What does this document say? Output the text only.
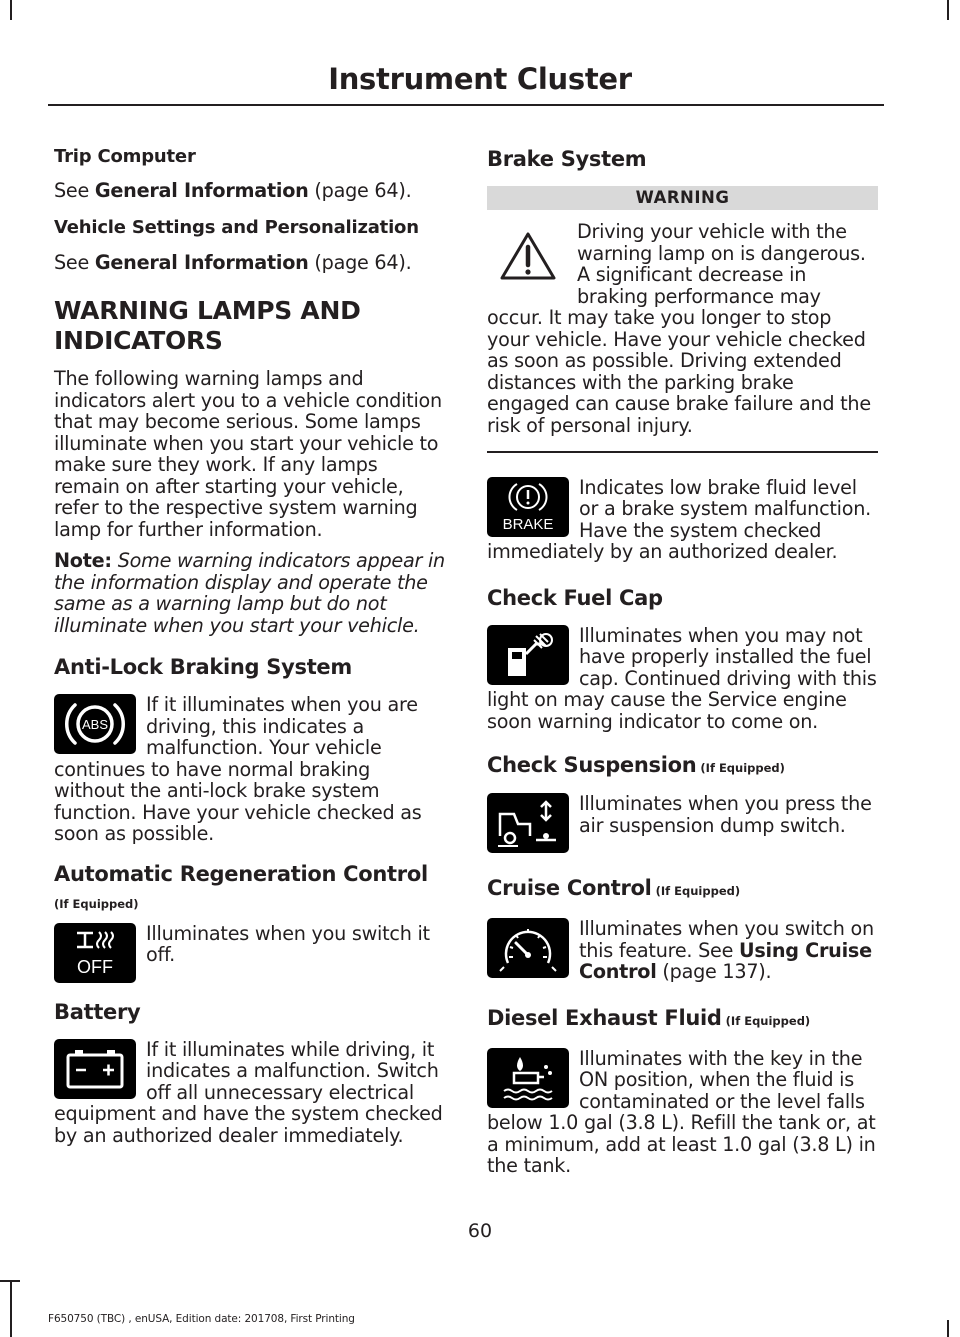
Instrument Cluster

Trip Computer

See General Information (page 64).

Vehicle Settings and Personalization

See General Information (page 64).

WARNING LAMPS AND
INDICATORS

The following warning lamps and indicators alert you to a vehicle condition that may become serious. Some lamps illuminate when you start your vehicle to make sure they work. If any lamps remain on after starting your vehicle, refer to the respective system warning lamp for further information.

Note: Some warning indicators appear in the information display and operate the same as a warning lamp but do not illuminate when you start your vehicle.

Anti-Lock Braking System

ABS

If it illuminates when you are driving, this indicates a malfunction. Your vehicle continues to have normal braking without the anti-lock brake system function. Have your vehicle checked as soon as possible.

Automatic Regeneration Control

(If Equipped)

OFF

Illuminates when you switch it off.

Battery

If it illuminates while driving, it indicates a malfunction. Switch off all unnecessary electrical equipment and have the system checked by an authorized dealer immediately.

Brake System

WARNING

Driving your vehicle with the warning lamp on is dangerous. A significant decrease in braking performance may occur. It may take you longer to stop your vehicle. Have your vehicle checked as soon as possible. Driving extended distances with the parking brake engaged can cause brake failure and the risk of personal injury.

BRAKE

Indicates low brake fluid level or a brake system malfunction. Have the system checked immediately by an authorized dealer.

Check Fuel Cap

Illuminates when you may not have properly installed the fuel cap. Continued driving with this light on may cause the Service engine soon warning indicator to come on.

Check Suspension (If Equipped)

Illuminates when you press the air suspension dump switch.

Cruise Control (If Equipped)

Illuminates when you switch on this feature. See Using Cruise Control (page 137).

Diesel Exhaust Fluid (If Equipped)

Illuminates with the key in the ON position, when the fluid is contaminated or the level falls below 1.0 gal (3.8 L). Refill the tank or, at a minimum, add at least 1.0 gal (3.8 L) in the tank.

60
F650750 (TBC) , enUSA, Edition date: 201708, First Printing
